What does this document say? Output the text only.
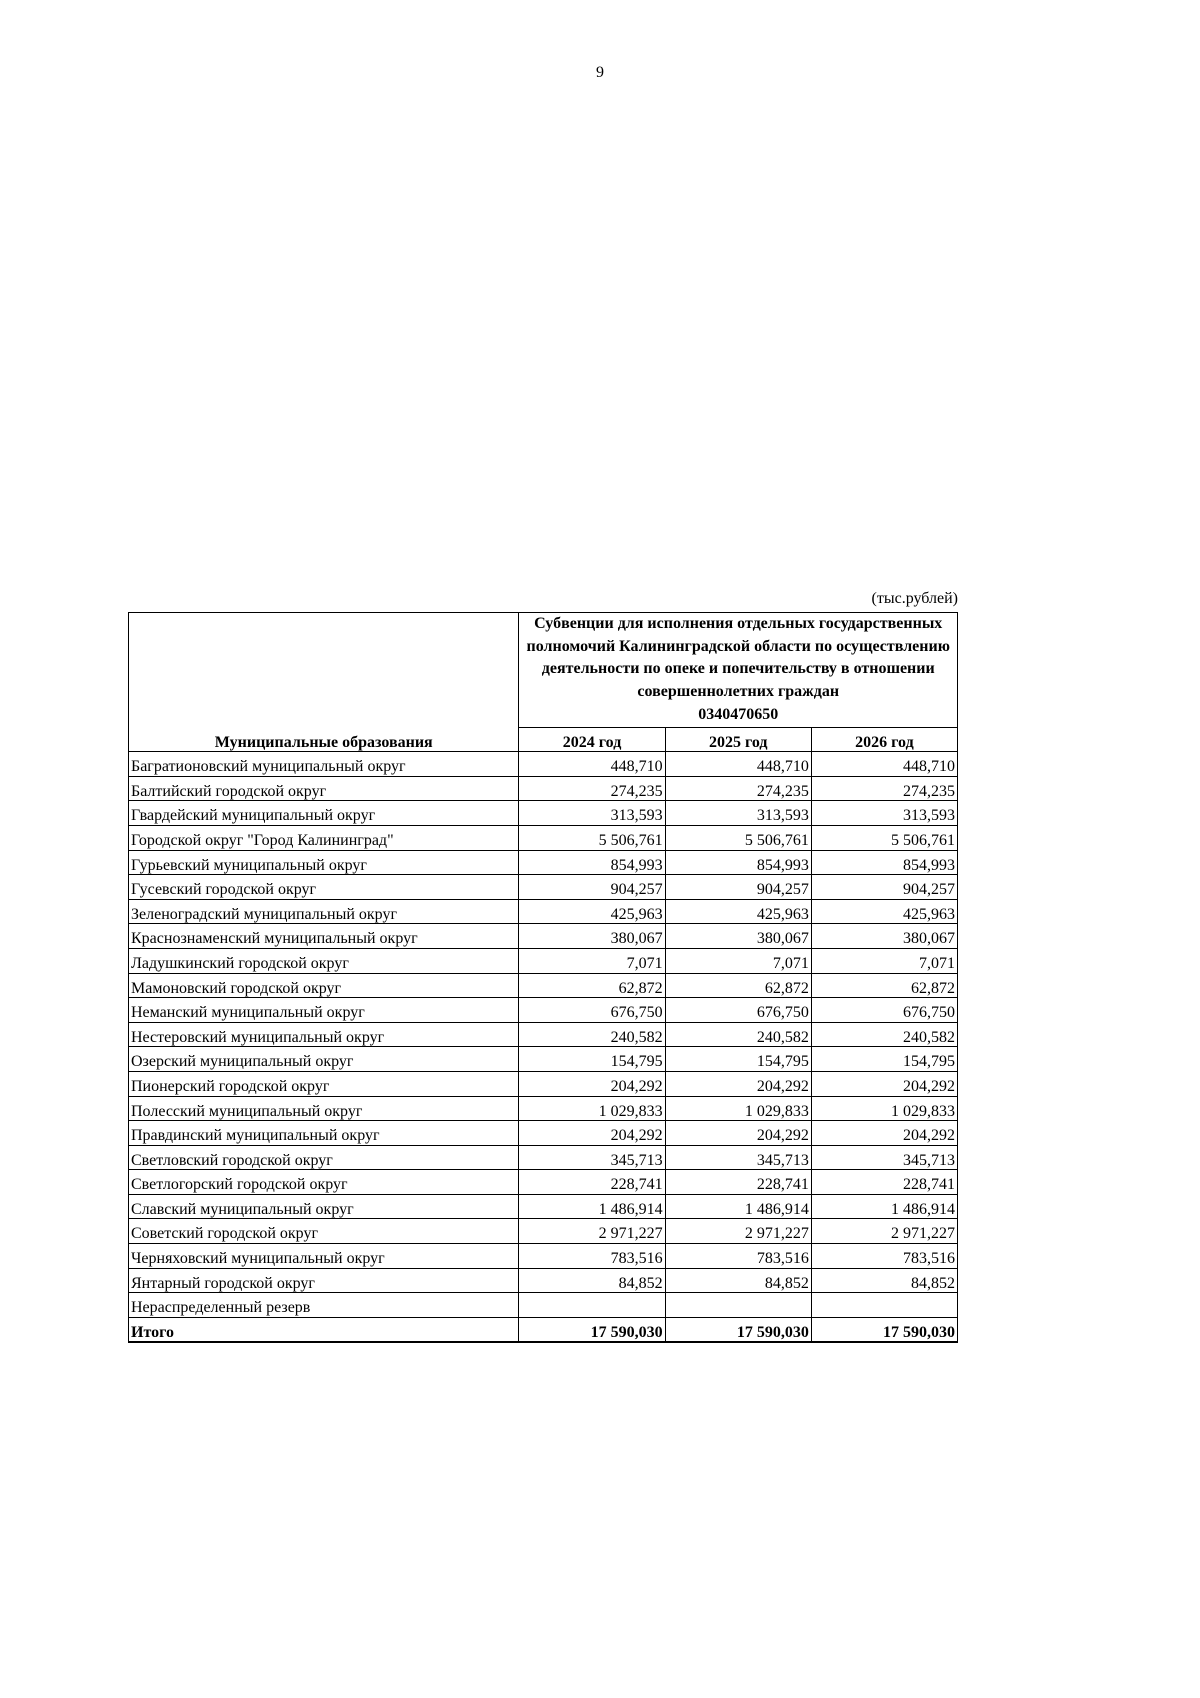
9
(тыс.рублей)
Муниципальные образования	Субвенции для исполнения отдельных государственных полномочий Калининградской области по осуществлению деятельности по опеке и попечительству в отношении совершеннолетних граждан
0340470650		

	2024 год	2025 год	2026 год
Багратионовский муниципальный округ	448,710	448,710	448,710
Балтийский городской округ	274,235	274,235	274,235
Гвардейский муниципальный округ	313,593	313,593	313,593
Городской округ "Город Калининград"	5 506,761	5 506,761	5 506,761
Гурьевский муниципальный округ	854,993	854,993	854,993
Гусевский городской округ	904,257	904,257	904,257
Зеленоградский муниципальный округ	425,963	425,963	425,963
Краснознаменский муниципальный округ	380,067	380,067	380,067
Ладушкинский городской округ	7,071	7,071	7,071
Мамоновский городской округ	62,872	62,872	62,872
Неманский муниципальный округ	676,750	676,750	676,750
Нестеровский муниципальный округ	240,582	240,582	240,582
Озерский муниципальный округ	154,795	154,795	154,795
Пионерский городской округ	204,292	204,292	204,292
Полесский муниципальный округ	1 029,833	1 029,833	1 029,833
Правдинский муниципальный округ	204,292	204,292	204,292
Светловский городской округ	345,713	345,713	345,713
Светлогорский городской округ	228,741	228,741	228,741
Славский муниципальный округ	1 486,914	1 486,914	1 486,914
Советский городской округ	2 971,227	2 971,227	2 971,227
Черняховский муниципальный округ	783,516	783,516	783,516
Янтарный городской округ	84,852	84,852	84,852
Нераспределенный резерв			
Итого	17 590,030	17 590,030	17 590,030
